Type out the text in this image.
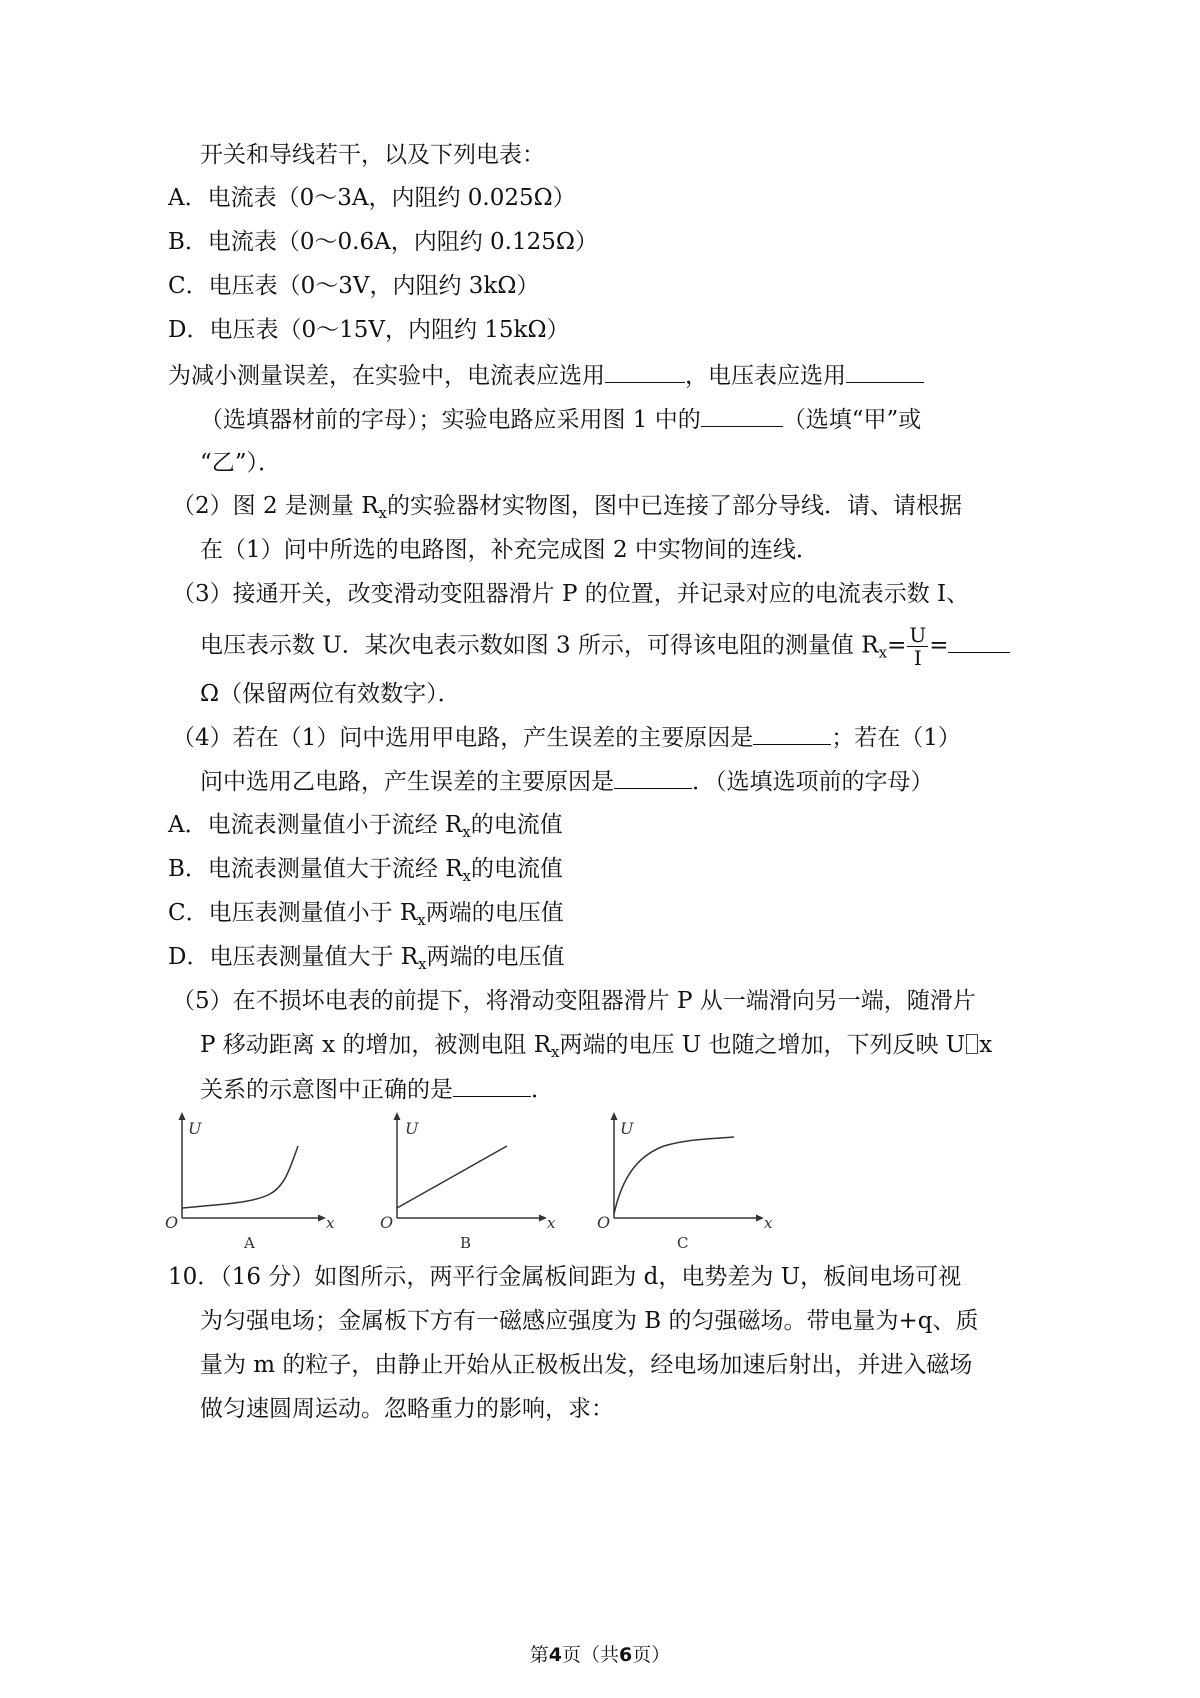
开关和导线若干，以及下列电表：
A．电流表（0～3A，内阻约 0.025Ω）
B．电流表（0～0.6A，内阻约 0.125Ω）
C．电压表（0～3V，内阻约 3kΩ）
D．电压表（0～15V，内阻约 15kΩ）
为减小测量误差，在实验中，电流表应选用	，电压表应选用
（选填器材前的字母）；实验电路应采用图 1 中的	（选填“甲”或
“乙”）．
（2）图 2 是测量 $R_x$的实验器材实物图，图中已连接了部分导线．请、请根据
在（1）问中所选的电路图，补充完成图 2 中实物间的连线．
（3）接通开关，改变滑动变阻器滑片 P 的位置，并记录对应的电流表示数 I、
电压表示数 U．某次电表示数如图 3 所示，可得该电阻的测量值 $R_x= \frac{U}{I}$ =
Ω（保留两位有效数字）．
（4）若在（1）问中选用甲电路，产生误差的主要原因是	；若在（1）
问中选用乙电路，产生误差的主要原因是	．（选填选项前的字母）
A．电流表测量值小于流经 $R_x$的电流值
B．电流表测量值大于流经 $R_x$的电流值
C．电压表测量值小于 $R_x$两端的电压值
D．电压表测量值大于 $R_x$两端的电压值
（5）在不损坏电表的前提下，将滑动变阻器滑片 P 从一端滑向另一端，随滑片
P 移动距离 x 的增加，被测电阻 $R_x$两端的电压 U 也随之增加，下列反映 U x
关系的示意图中正确的是	．
U
x
O
A
U
x
O
B
U
x
O
C
10．（16 分）如图所示，两平行金属板间距为 d，电势差为 U，板间电场可视
为匀强电场；金属板下方有一磁感应强度为 B 的匀强磁场。带电量为+q、质
量为 m 的粒子，由静止开始从正极板出发，经电场加速后射出，并进入磁场
做匀速圆周运动。忽略重力的影响，求：
第4页（共6页）
